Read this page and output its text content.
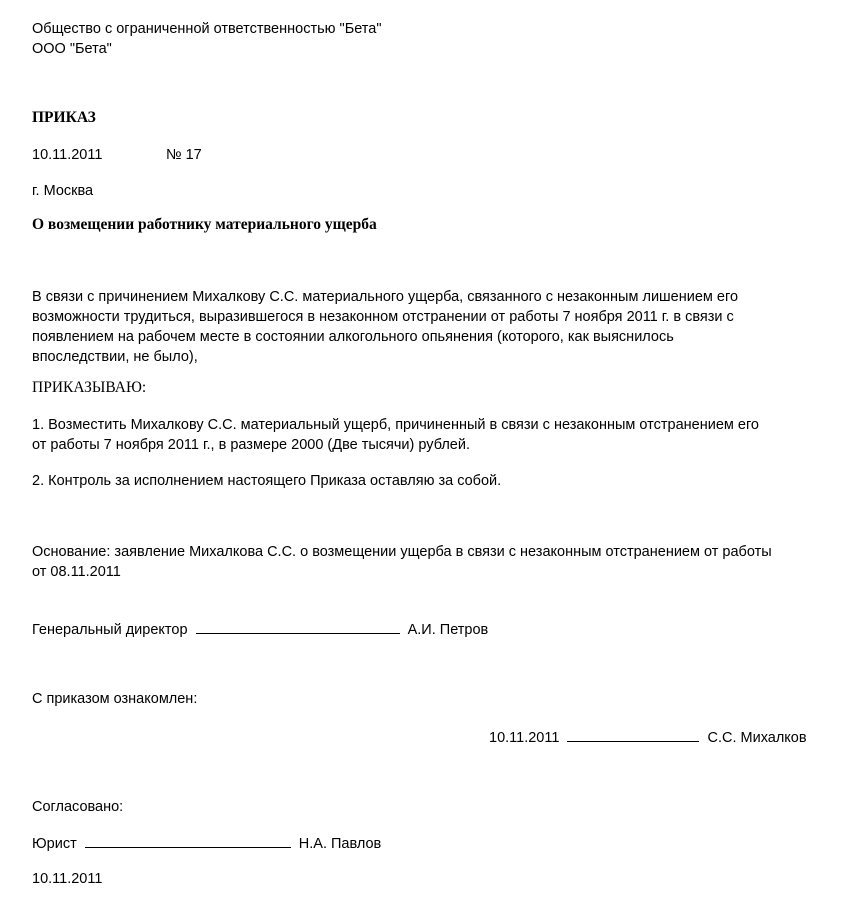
Общество с ограниченной ответственностью "Бета"
ООО "Бета"
ПРИКАЗ
10.11.2011	№ 17
г. Москва
О возмещении работнику материального ущерба
В связи с причинением Михалкову С.С. материального ущерба, связанного с незаконным лишением его
возможности трудиться, выразившегося в незаконном отстранении от работы 7 ноября 2011 г. в связи с
появлением на рабочем месте в состоянии алкогольного опьянения (которого, как выяснилось
впоследствии, не было),
ПРИКАЗЫВАЮ:
1. Возместить Михалкову С.С. материальный ущерб, причиненный в связи с незаконным отстранением его
от работы 7 ноября 2011 г., в размере 2000 (Две тысячи) рублей.
2. Контроль за исполнением настоящего Приказа оставляю за собой.
Основание: заявление Михалкова С.С. о возмещении ущерба в связи с незаконным отстранением от работы
от 08.11.2011
Генеральный директор	А.И. Петров
С приказом ознакомлен:
10.11.2011	С.С. Михалков
Согласовано:
Юрист	Н.А. Павлов
10.11.2011
